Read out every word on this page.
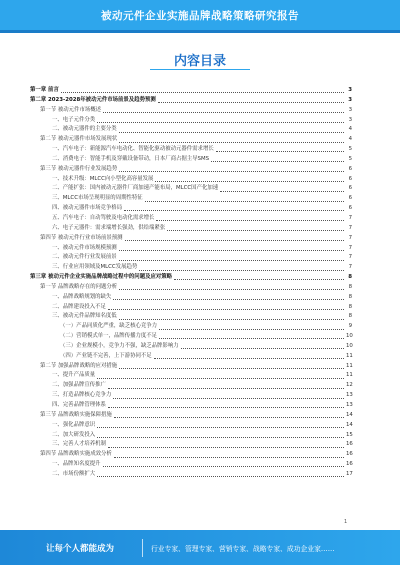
被动元件企业实施品牌战略策略研究报告
内容目录
第一章 前言	3
第二章 2023-2028年被动元件市场前景及趋势预测	3
第一节 被动元件市场概述	3
一、电子元件分类	3
二、被动元器件的主要分类	4
第二节 被动元器件市场发展现状	4
一、汽车电子：新能源汽车电动化、智能化驱动被动元器件需求增长	5
二、消费电子：智能手机及穿戴设备带动，日本厂商占据主导SMS	5
第三节 被动元器件行业发展趋势	6
一、技术升级：MLCC向小型化高容量发展	6
二、产能扩张：国内被动元器件厂商加速产能布局，MLCC国产化加速	6
三、MLCC市场呈现明显的周期性特征	6
四、被动元器件市场竞争格局	6
五、汽车电子：自动驾驶及电动化需求增长	7
六、电子元器件：需求端增长强劲，供给端紧张	7
第四节 被动元件行业市场前景预测	7
一、被动元件市场规模预测	7
二、被动元件行业发展前景	7
三、行业应用领域及MLCC发展趋势	7
第三章 被动元件企业实施品牌战略过程中的问题及应对策略	8
第一节 品牌战略存在的问题分析	8
一、品牌战略规划的缺失	8
二、品牌建设投入不足	8
三、被动元件品牌知名度低	8
（一）产品同质化严重，缺乏核心竞争力	9
（二）营销模式单一，品牌传播力度不足	10
（三）企业规模小，竞争力不强，缺乏品牌影响力	10
（四）产业链不完善，上下游协同不足	11
第二节 加强品牌战略的应对措施	11
一、提升产品质量	11
二、加强品牌宣传推广	12
三、打造品牌核心竞争力	13
四、完善品牌管理体系	13
第三节 品牌战略实施保障措施	14
一、强化品牌意识	14
二、加大研发投入	15
三、完善人才培养机制	16
第四节 品牌战略实施成效分析	16
一、品牌知名度提升	16
二、市场份额扩大	17
1
让每个人都能成为	行业专家、管理专家、营销专家、战略专家、成功企业家……
